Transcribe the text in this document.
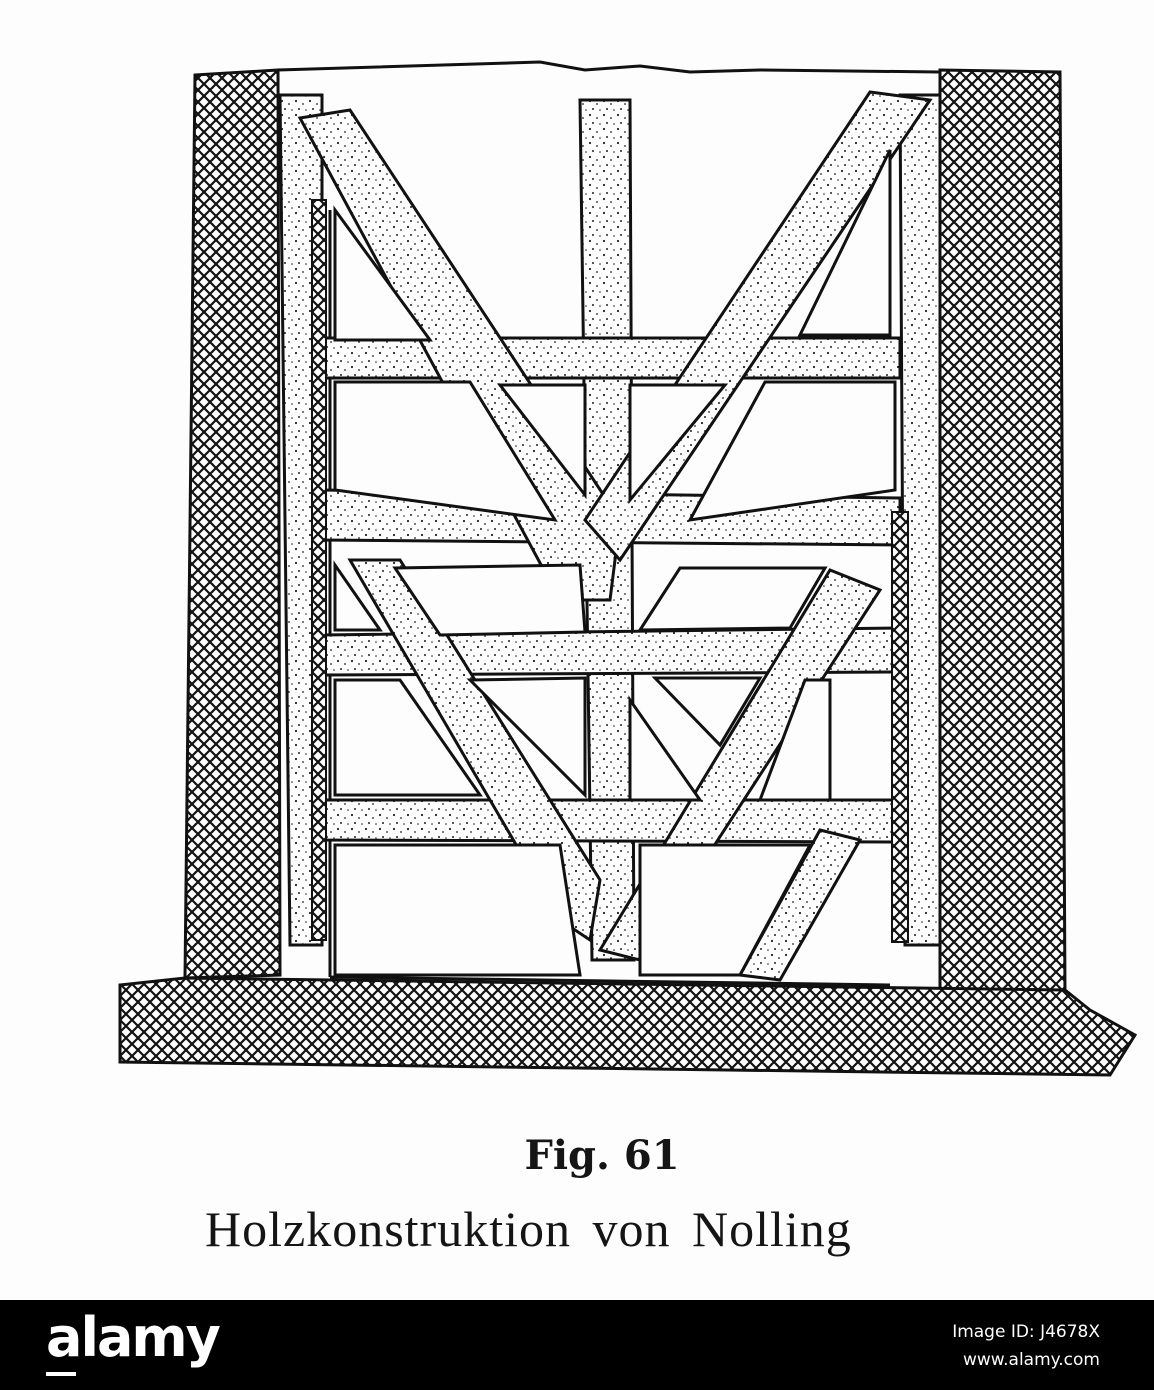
Fig. 61
Holzkonstruktion von Nolling
alamy	Image ID: J4678X
www.alamy.com
